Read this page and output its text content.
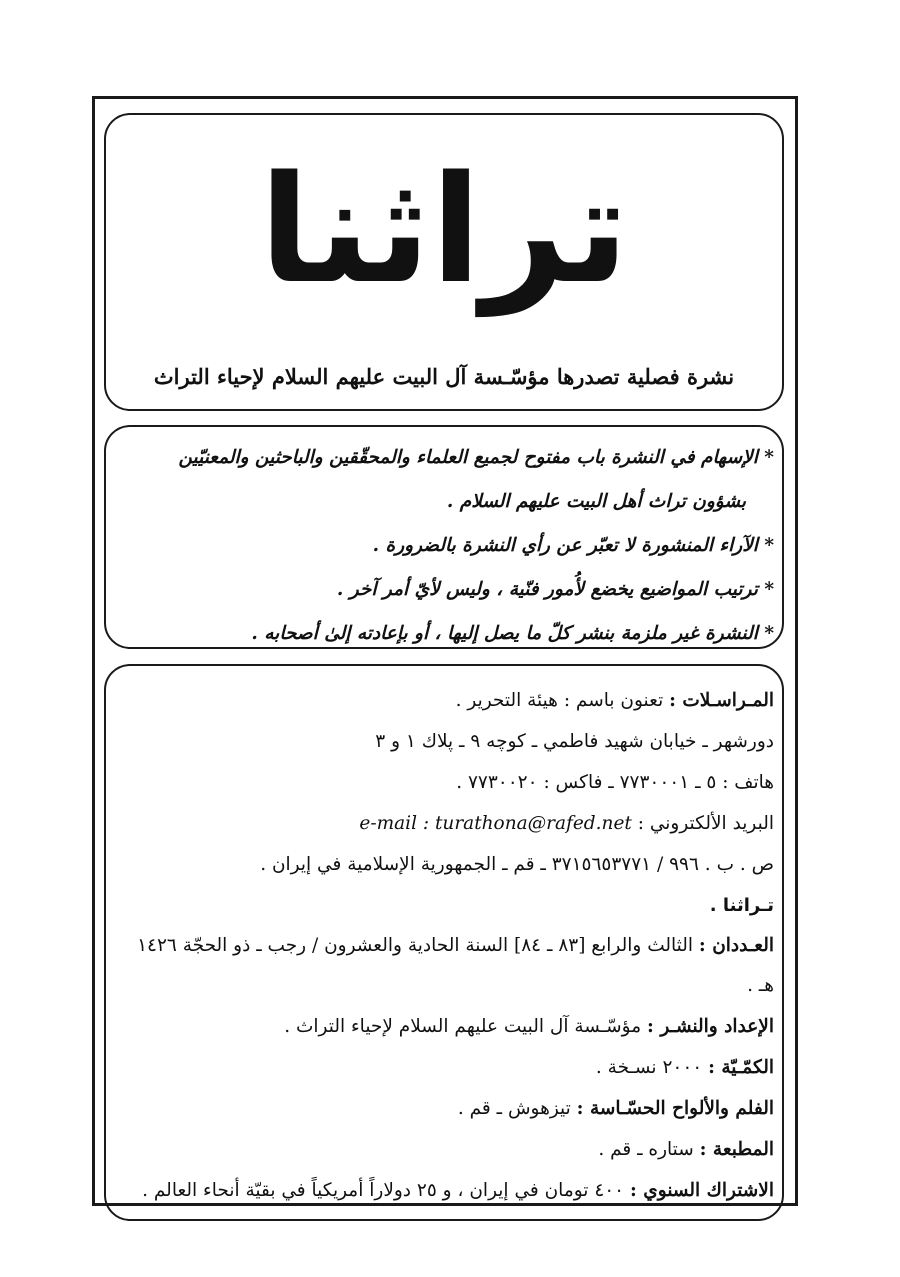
تراثنا
نشرة فصلية تصدرها مؤسّـسة آل البيت عليهم السلام لإحياء التراث
* الإسهام في النشرة باب مفتوح لجميع العلماء والمحقّقين والباحثين والمعنيّين
بشؤون تراث أهل البيت عليهم السلام .
* الآراء المنشورة لا تعبّر عن رأي النشرة بالضرورة .
* ترتيب المواضيع يخضع لأُمور فنّية ، وليس لأيّ أمر آخر .
* النشرة غير ملزمة بنشر كلّ ما يصل إليها ، أو بإعادته إلىٰ أصحابه .
المـراسـلات : تعنون باسم : هيئة التحرير .
دورشهر ـ خيابان شهيد فاطمي ـ كوچه ٩ ـ پلاك ١ و ٣
هاتف : ٥ ـ ٧٧٣٠٠٠١ ـ فاكس : ٧٧٣٠٠٢٠ .
البريد الألكتروني : e-mail : turathona@rafed.net
ص . ب . ٩٩٦ / ٣٧١٥٦٥٣٧٧١ ـ قم ـ الجمهورية الإسلامية في إيران .
تـراثنا .
العـددان : الثالث والرابع [٨٣ ـ ٨٤] السنة الحادية والعشرون / رجب ـ ذو الحجّة ١٤٢٦ هـ .
الإعداد والنشـر : مؤسّـسة آل البيت عليهم السلام لإحياء التراث .
الكمّـيّة : ٢٠٠٠ نسـخة .
الفلم والألواح الحسّـاسة : تيزهوش ـ قم .
المطبعة : ستاره ـ قم .
الاشتراك السنوي : ٤٠٠ تومان في إيران ، و ٢٥ دولاراً أمريكياً في بقيّة أنحاء العالم .
